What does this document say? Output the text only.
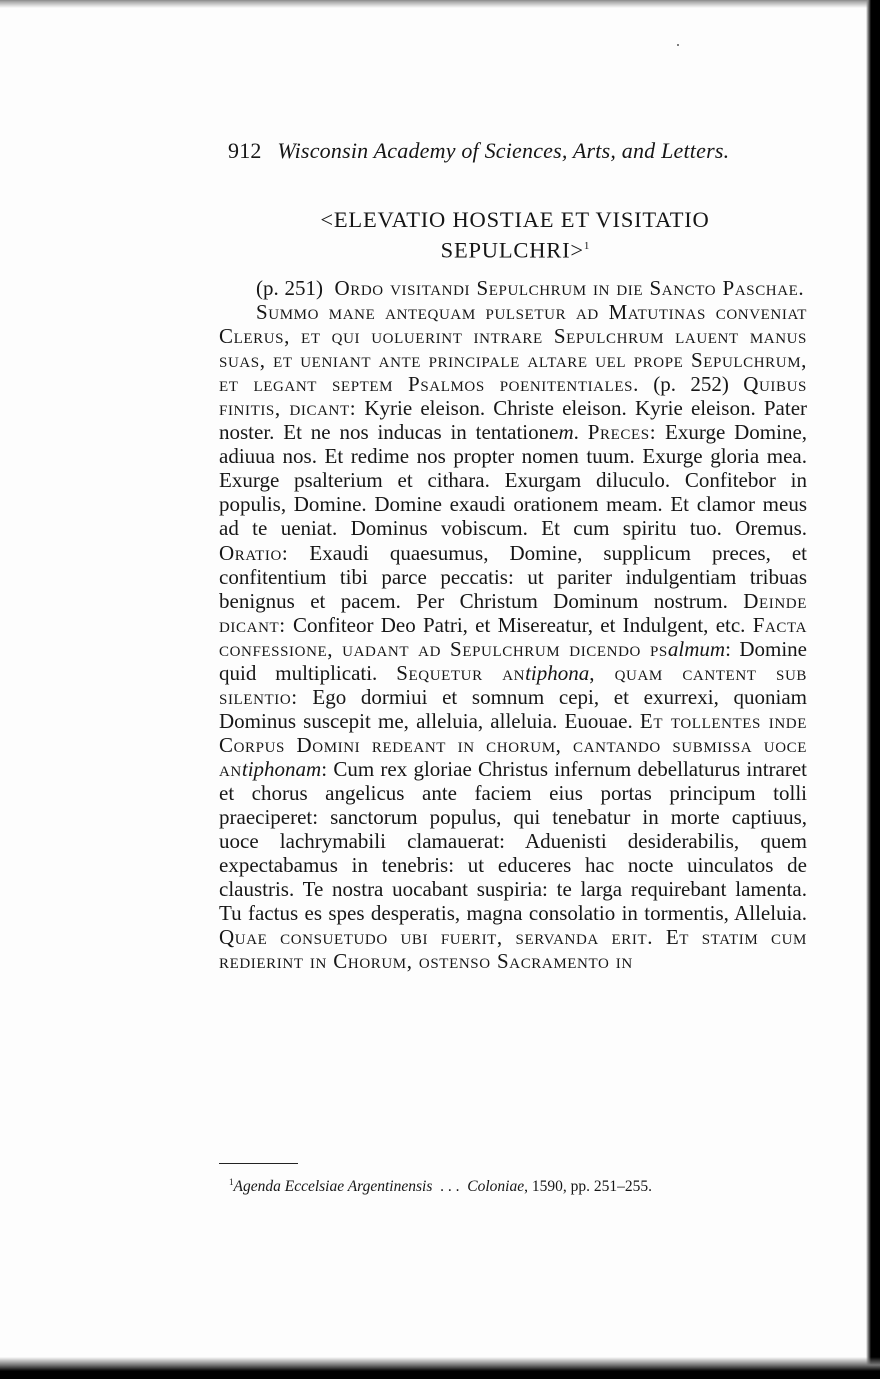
912 Wisconsin Academy of Sciences, Arts, and Letters.
<ELEVATIO HOSTIAE ET VISITATIO
SEPULCHRI>$^1$

(p. 251) Ordo visitandi Sepulchrum in die Sancto Paschae.

Summo mane antequam pulsetur ad Matutinas conveniat Clerus, et qui uoluerint intrare Sepulchrum lauent manus suas, et ueniant ante principale altare uel prope Sepulchrum, et legant septem Psalmos poenitentiales. (p. 252) Quibus finitis, dicant: Kyrie eleison. Christe eleison. Kyrie eleison. Pater noster. Et ne nos inducas in tentationem. Preces: Exurge Domine, adiuua nos. Et redime nos propter nomen tuum. Exurge gloria mea. Exurge psalterium et cithara. Exurgam diluculo. Confitebor in populis, Domine. Domine exaudi orationem meam. Et clamor meus ad te ueniat. Dominus vobiscum. Et cum spiritu tuo. Oremus. Oratio: Exaudi quaesumus, Domine, supplicum preces, et confitentium tibi parce peccatis: ut pariter indulgentiam tribuas benignus et pacem. Per Christum Dominum nostrum. Deinde dicant: Confiteor Deo Patri, et Misereatur, et Indulgent, etc. Facta confessione, uadant ad Sepulchrum dicendo psalmum: Domine quid multiplicati. Sequetur antiphona, quam cantent sub silentio: Ego dormiui et somnum cepi, et exurrexi, quoniam Dominus suscepit me, alleluia, alleluia. Euouae. Et tollentes inde Corpus Domini redeant in chorum, cantando submissa uoce antiphonam: Cum rex gloriae Christus infernum debellaturus intraret et chorus angelicus ante faciem eius portas principum tolli praeciperet: sanctorum populus, qui tenebatur in morte captiuus, uoce lachrymabili clamauerat: Aduenisti desiderabilis, quem expectabamus in tenebris: ut educeres hac nocte uinculatos de claustris. Te nostra uocabant suspiria: te larga requirebant lamenta. Tu factus es spes desperatis, magna consolatio in tormentis, Alleluia. Quae consuetudo ubi fuerit, servanda erit. Et statim cum redierint in Chorum, ostenso Sacramento in

$^1$Agenda Eccelsiae Argentinensis . . . Coloniae, 1590, pp. 251–255.
